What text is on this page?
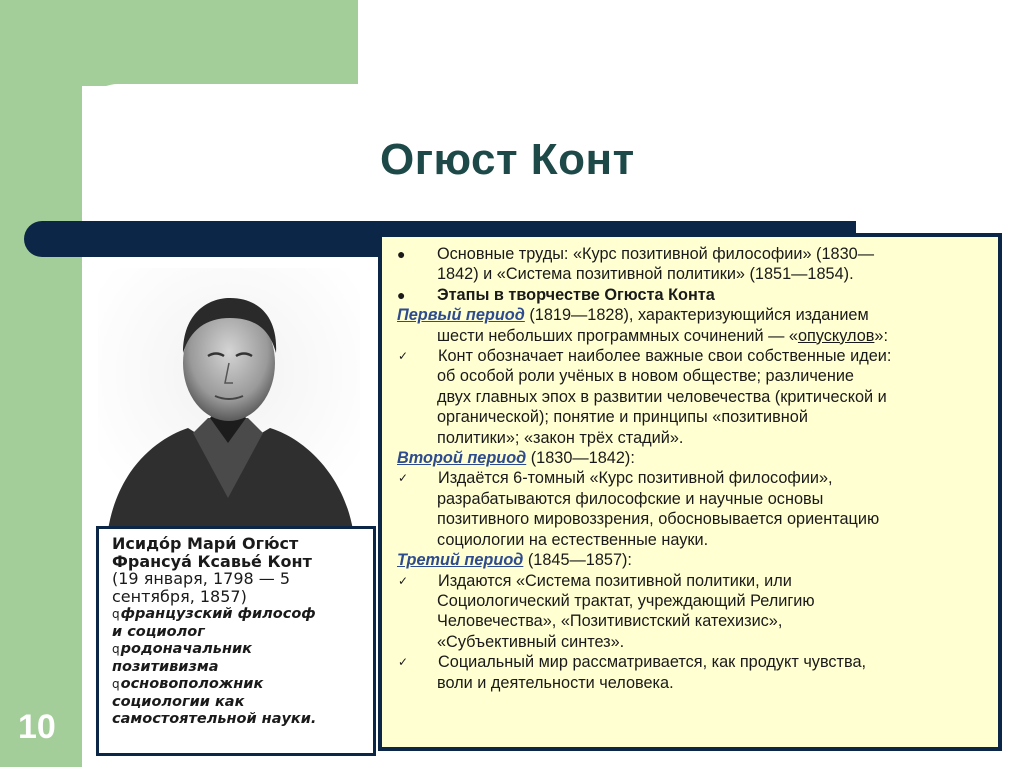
Огюст Конт
10
Исидо́р Мари́ Огю́ст
Франсуа́ Ксавье́ Конт
(19 января, 1798 — 5
сентября, 1857)
qфранцузский философ
и социолог
qродоначальник
позитивизма
qосновоположник
социологии как
самостоятельной науки.
●	Основные труды: «Курс позитивной философии» (1830—
1842) и «Система позитивной политики» (1851—1854).
●	Этапы в творчестве Огюста Конта
Первый период (1819—1828), характеризующийся изданием
шести небольших программных сочинений — «опускулов»:
✓	Конт обозначает наиболее важные свои собственные идеи:
об особой роли учёных в новом обществе; различение
двух главных эпох в развитии человечества (критической и
органической); понятие и принципы «позитивной
политики»; «закон трёх стадий».
Второй период (1830—1842):
✓	Издаётся 6-томный «Курс позитивной философии»,
разрабатываются философские и научные основы
позитивного мировоззрения, обосновывается ориентацию
социологии на естественные науки.
Третий период (1845—1857):
✓	Издаются «Система позитивной политики, или
Социологический трактат, учреждающий Религию
Человечества», «Позитивистский катехизис»,
«Субъективный синтез».
✓	Социальный мир рассматривается, как продукт чувства,
воли и деятельности человека.
